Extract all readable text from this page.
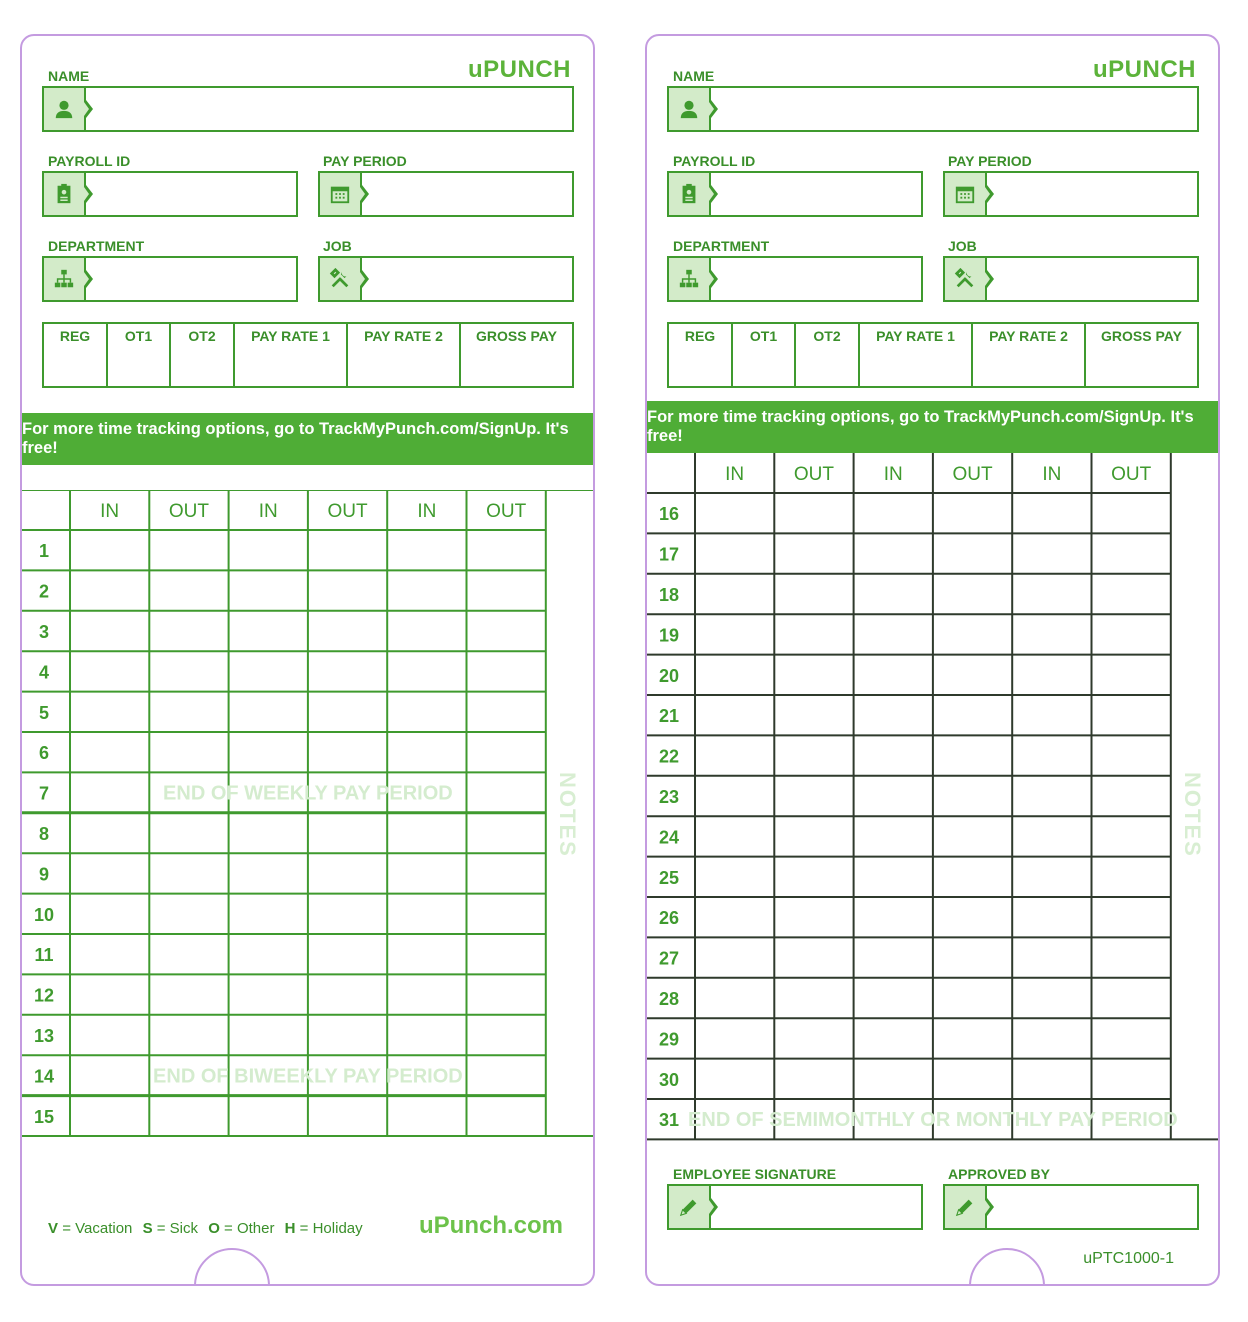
uPUNCH
NAME
PAYROLL ID	PAY PERIOD
DEPARTMENT	JOB
REG	OT1	OT2	PAY RATE 1	PAY RATE 2	GROSS PAY
For more time tracking options, go to TrackMyPunch.com/SignUp. It's free!
IN	OUT	IN	OUT	IN	OUT
1
2
3
4
5
6
7
8
9
10
11
12
13
14
15
END OF WEEKLY PAY PERIOD
END OF BIWEEKLY PAY PERIOD
NOTES
V = Vacation S = Sick O = Other H = Holiday uPunch.com
uPUNCH
NAME
PAYROLL ID	PAY PERIOD
DEPARTMENT	JOB
REG	OT1	OT2	PAY RATE 1	PAY RATE 2	GROSS PAY
For more time tracking options, go to TrackMyPunch.com/SignUp. It's free!
IN	OUT	IN	OUT	IN	OUT
16
17
18
19
20
21
22
23
24
25
26
27
28
29
30
31 END OF SEMIMONTHLY OR MONTHLY PAY PERIOD
NOTES
EMPLOYEE SIGNATURE	APPROVED BY
uPTC1000-1
